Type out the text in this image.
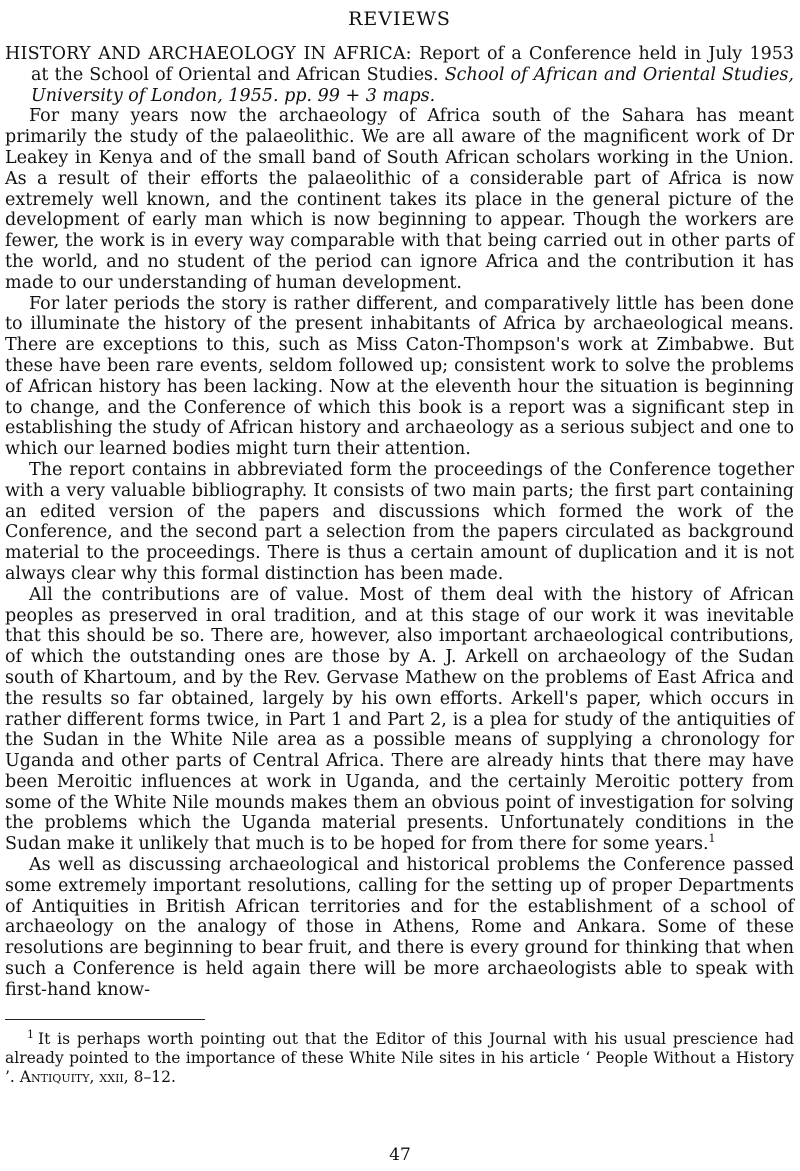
REVIEWS

HISTORY AND ARCHAEOLOGY IN AFRICA: Report of a Conference held in July 1953 at the School of Oriental and African Studies. School of African and Oriental Studies, University of London, 1955. pp. 99 + 3 maps.

For many years now the archaeology of Africa south of the Sahara has meant primarily the study of the palaeolithic. We are all aware of the magnificent work of Dr Leakey in Kenya and of the small band of South African scholars working in the Union. As a result of their efforts the palaeolithic of a considerable part of Africa is now extremely well known, and the continent takes its place in the general picture of the development of early man which is now beginning to appear. Though the workers are fewer, the work is in every way comparable with that being carried out in other parts of the world, and no student of the period can ignore Africa and the contribution it has made to our understanding of human development.

For later periods the story is rather different, and comparatively little has been done to illuminate the history of the present inhabitants of Africa by archaeological means. There are exceptions to this, such as Miss Caton-Thompson's work at Zimbabwe. But these have been rare events, seldom followed up; consistent work to solve the problems of African history has been lacking. Now at the eleventh hour the situation is beginning to change, and the Conference of which this book is a report was a significant step in establishing the study of African history and archaeology as a serious subject and one to which our learned bodies might turn their attention.

The report contains in abbreviated form the proceedings of the Conference together with a very valuable bibliography. It consists of two main parts; the first part containing an edited version of the papers and discussions which formed the work of the Conference, and the second part a selection from the papers circulated as background material to the proceedings. There is thus a certain amount of duplication and it is not always clear why this formal distinction has been made.

All the contributions are of value. Most of them deal with the history of African peoples as preserved in oral tradition, and at this stage of our work it was inevitable that this should be so. There are, however, also important archaeological contributions, of which the outstanding ones are those by A. J. Arkell on archaeology of the Sudan south of Khartoum, and by the Rev. Gervase Mathew on the problems of East Africa and the results so far obtained, largely by his own efforts. Arkell's paper, which occurs in rather different forms twice, in Part 1 and Part 2, is a plea for study of the antiquities of the Sudan in the White Nile area as a possible means of supplying a chronology for Uganda and other parts of Central Africa. There are already hints that there may have been Meroitic influences at work in Uganda, and the certainly Meroitic pottery from some of the White Nile mounds makes them an obvious point of investigation for solving the problems which the Uganda material presents. Unfortunately conditions in the Sudan make it unlikely that much is to be hoped for from there for some years.$^1$

As well as discussing archaeological and historical problems the Conference passed some extremely important resolutions, calling for the setting up of proper Departments of Antiquities in British African territories and for the establishment of a school of archaeology on the analogy of those in Athens, Rome and Ankara. Some of these resolutions are beginning to bear fruit, and there is every ground for thinking that when such a Conference is held again there will be more archaeologists able to speak with first-hand know-

$^1$ It is perhaps worth pointing out that the Editor of this Journal with his usual prescience had already pointed to the importance of these White Nile sites in his article ‘ People Without a History ’. Antiquity, xxii, 8–12.

47
